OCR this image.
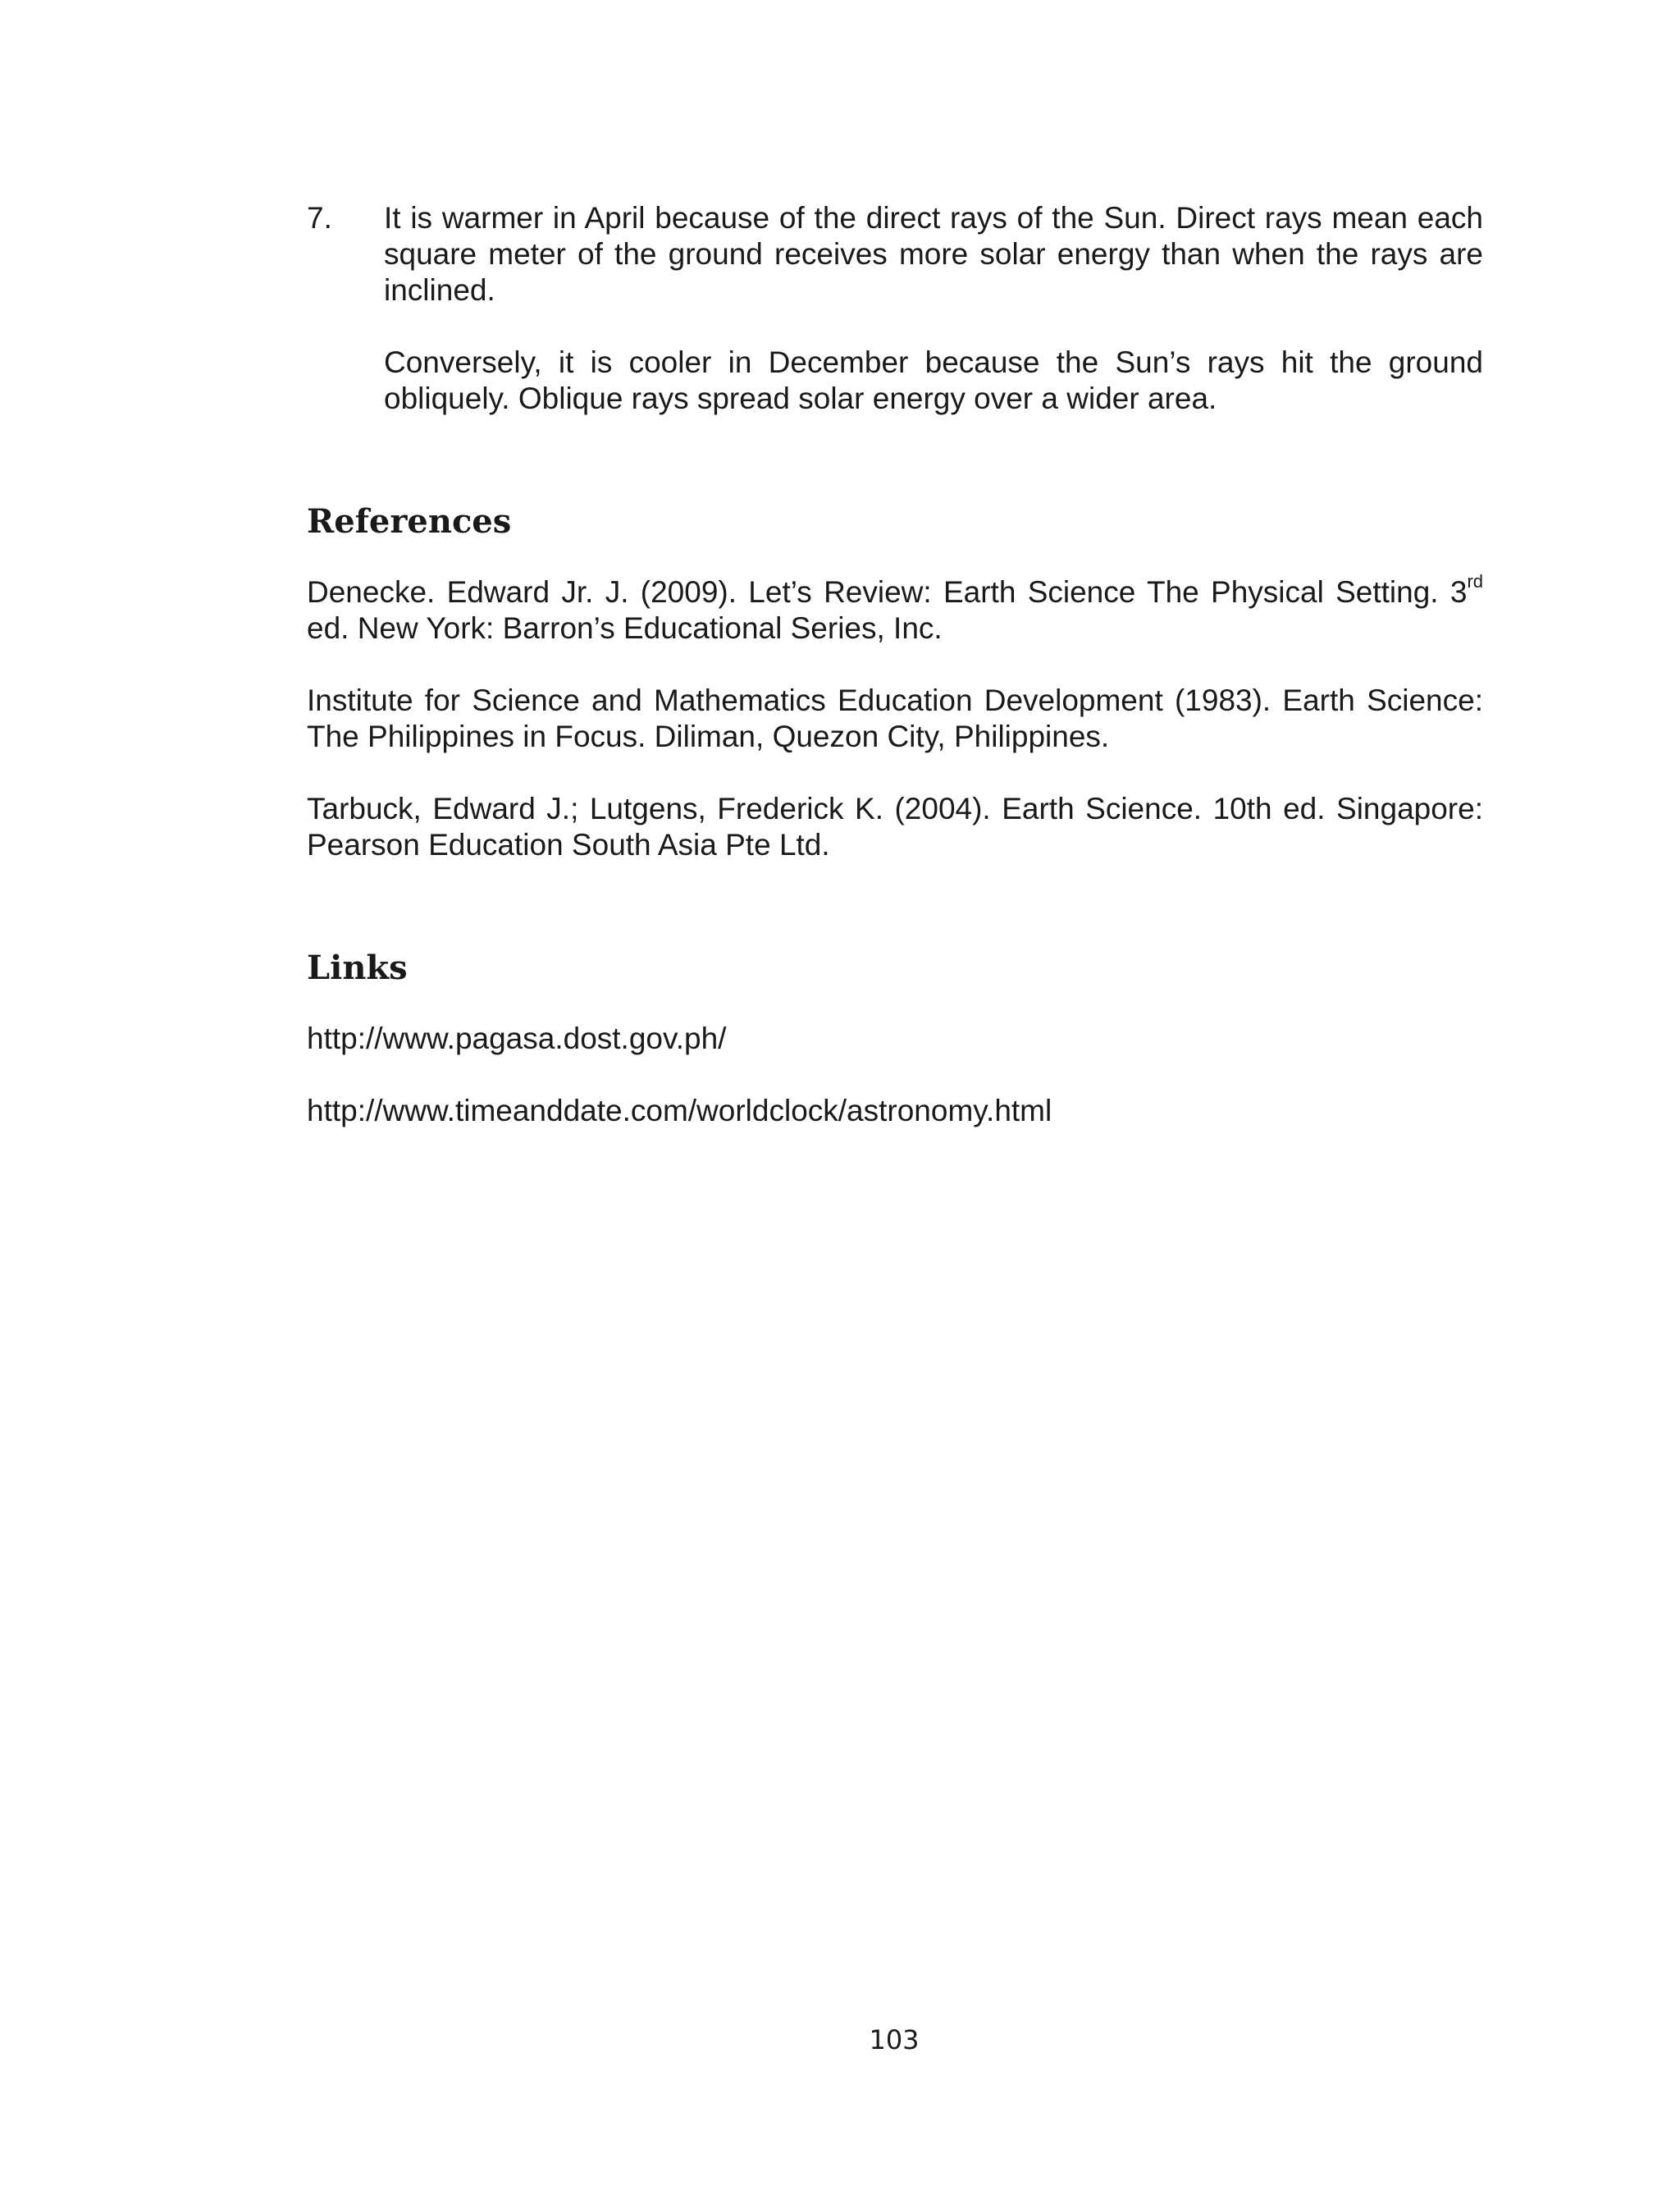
7. It is warmer in April because of the direct rays of the Sun. Direct rays mean each square meter of the ground receives more solar energy than when the rays are inclined.

Conversely, it is cooler in December because the Sun’s rays hit the ground obliquely. Oblique rays spread solar energy over a wider area.

References

Denecke. Edward Jr. J. (2009). Let’s Review: Earth Science The Physical Setting. 3rd ed. New York: Barron’s Educational Series, Inc.

Institute for Science and Mathematics Education Development (1983). Earth Science: The Philippines in Focus. Diliman, Quezon City, Philippines.

Tarbuck, Edward J.; Lutgens, Frederick K. (2004). Earth Science. 10th ed. Singapore: Pearson Education South Asia Pte Ltd.

Links
http://www.pagasa.dost.gov.ph/
http://www.timeanddate.com/worldclock/astronomy.html
103
